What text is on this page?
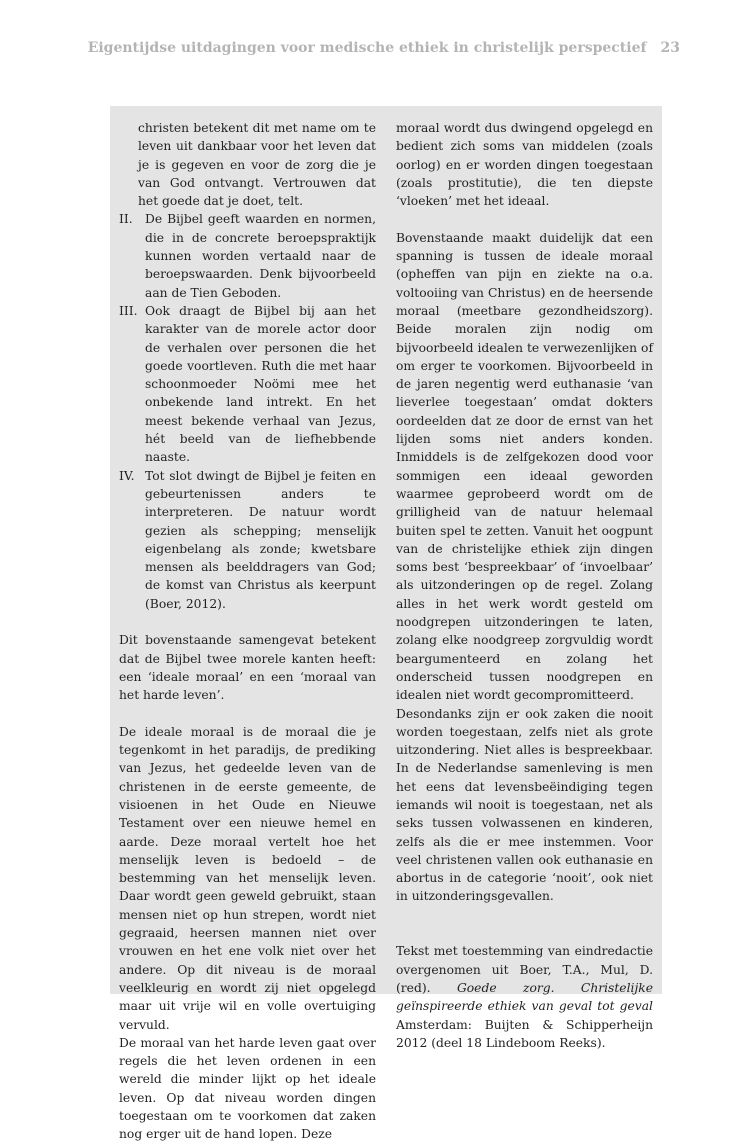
Eigentijdse uitdagingen voor medische ethiek in christelijk perspectief 23

christen betekent dit met name om te leven uit dankbaar voor het leven dat je is gegeven en voor de zorg die je van God ontvangt. Vertrouwen dat het goede dat je doet, telt.

II. De Bijbel geeft waarden en normen, die in de concrete beroepspraktijk kunnen worden vertaald naar de beroepswaarden. Denk bijvoorbeeld aan de Tien Geboden.
III. Ook draagt de Bijbel bij aan het karakter van de morele actor door de verhalen over personen die het goede voortleven. Ruth die met haar schoonmoeder Noömi mee het onbekende land intrekt. En het meest bekende verhaal van Jezus, hét beeld van de liefhebbende naaste.
IV. Tot slot dwingt de Bijbel je feiten en gebeurtenissen anders te interpreteren. De natuur wordt gezien als schepping; menselijk eigenbelang als zonde; kwetsbare mensen als beelddragers van God; de komst van Christus als keerpunt (Boer, 2012).

Dit bovenstaande samengevat betekent dat de Bijbel twee morele kanten heeft: een ‘ideale moraal’ en een ‘moraal van het harde leven’.

De ideale moraal is de moraal die je tegenkomt in het paradijs, de prediking van Jezus, het gedeelde leven van de christenen in de eerste gemeente, de visioenen in het Oude en Nieuwe Testament over een nieuwe hemel en aarde. Deze moraal vertelt hoe het menselijk leven is bedoeld – de bestemming van het menselijk leven. Daar wordt geen geweld gebruikt, staan mensen niet op hun strepen, wordt niet gegraaid, heersen mannen niet over vrouwen en het ene volk niet over het andere. Op dit niveau is de moraal veelkleurig en wordt zij niet opgelegd maar uit vrije wil en volle overtuiging vervuld.

De moraal van het harde leven gaat over regels die het leven ordenen in een wereld die minder lijkt op het ideale leven. Op dat niveau worden dingen toegestaan om te voorkomen dat zaken nog erger uit de hand lopen. Deze

moraal wordt dus dwingend opgelegd en bedient zich soms van middelen (zoals oorlog) en er worden dingen toegestaan (zoals prostitutie), die ten diepste ‘vloeken’ met het ideaal.

Bovenstaande maakt duidelijk dat een spanning is tussen de ideale moraal (opheffen van pijn en ziekte na o.a. voltooiing van Christus) en de heersende moraal (meetbare gezondheidszorg). Beide moralen zijn nodig om bijvoorbeeld idealen te verwezenlijken of om erger te voorkomen. Bijvoorbeeld in de jaren negentig werd euthanasie ‘van lieverlee toegestaan’ omdat dokters oordeelden dat ze door de ernst van het lijden soms niet anders konden. Inmiddels is de zelfgekozen dood voor sommigen een ideaal geworden waarmee geprobeerd wordt om de grilligheid van de natuur helemaal buiten spel te zetten. Vanuit het oogpunt van de christelijke ethiek zijn dingen soms best ‘bespreekbaar’ of ‘invoelbaar’ als uitzonderingen op de regel. Zolang alles in het werk wordt gesteld om noodgrepen uitzonderingen te laten, zolang elke noodgreep zorgvuldig wordt beargumenteerd en zolang het onderscheid tussen noodgrepen en idealen niet wordt gecompromitteerd.

Desondanks zijn er ook zaken die nooit worden toegestaan, zelfs niet als grote uitzondering. Niet alles is bespreekbaar. In de Nederlandse samenleving is men het eens dat levensbeëindiging tegen iemands wil nooit is toegestaan, net als seks tussen volwassenen en kinderen, zelfs als die er mee instemmen. Voor veel christenen vallen ook euthanasie en abortus in de categorie ‘nooit’, ook niet in uitzonderingsgevallen.

Tekst met toestemming van eindredactie overgenomen uit Boer, T.A., Mul, D. (red). Goede zorg. Christelijke geïnspireerde ethiek van geval tot geval Amsterdam: Buijten & Schipperheijn 2012 (deel 18 Lindeboom Reeks).
